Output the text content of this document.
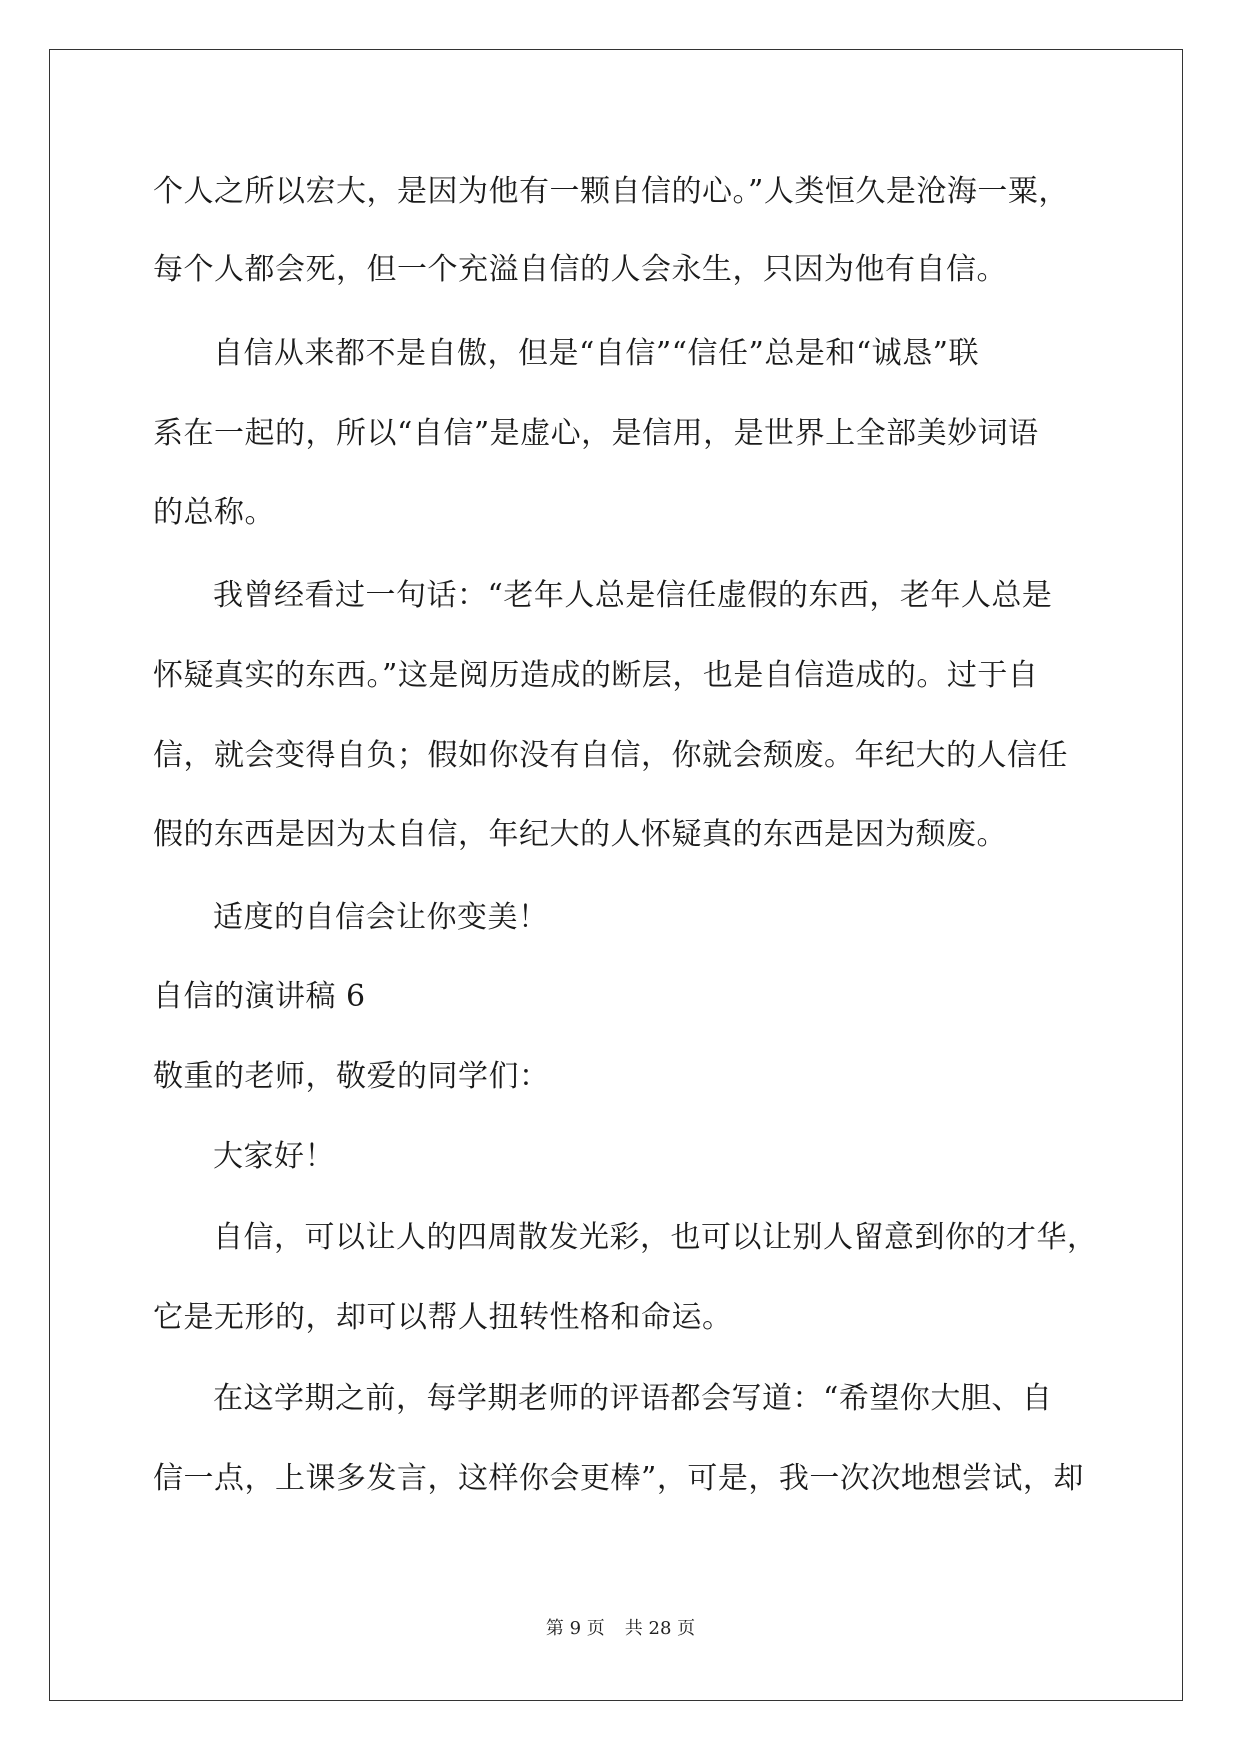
个人之所以宏大，是因为他有一颗自信的心。”人类恒久是沧海一粟，
每个人都会死，但一个充溢自信的人会永生，只因为他有自信。
自信从来都不是自傲，但是“自信”“信任”总是和“诚恳”联
系在一起的，所以“自信”是虚心，是信用，是世界上全部美妙词语
的总称。
我曾经看过一句话：“老年人总是信任虚假的东西，老年人总是
怀疑真实的东西。”这是阅历造成的断层，也是自信造成的。过于自
信，就会变得自负；假如你没有自信，你就会颓废。年纪大的人信任
假的东西是因为太自信，年纪大的人怀疑真的东西是因为颓废。
适度的自信会让你变美！
自信的演讲稿 6
敬重的老师，敬爱的同学们：
大家好！
自信，可以让人的四周散发光彩，也可以让别人留意到你的才华，
它是无形的，却可以帮人扭转性格和命运。
在这学期之前，每学期老师的评语都会写道：“希望你大胆、自
信一点，上课多发言，这样你会更棒”，可是，我一次次地想尝试，却
第 9 页 共 28 页
